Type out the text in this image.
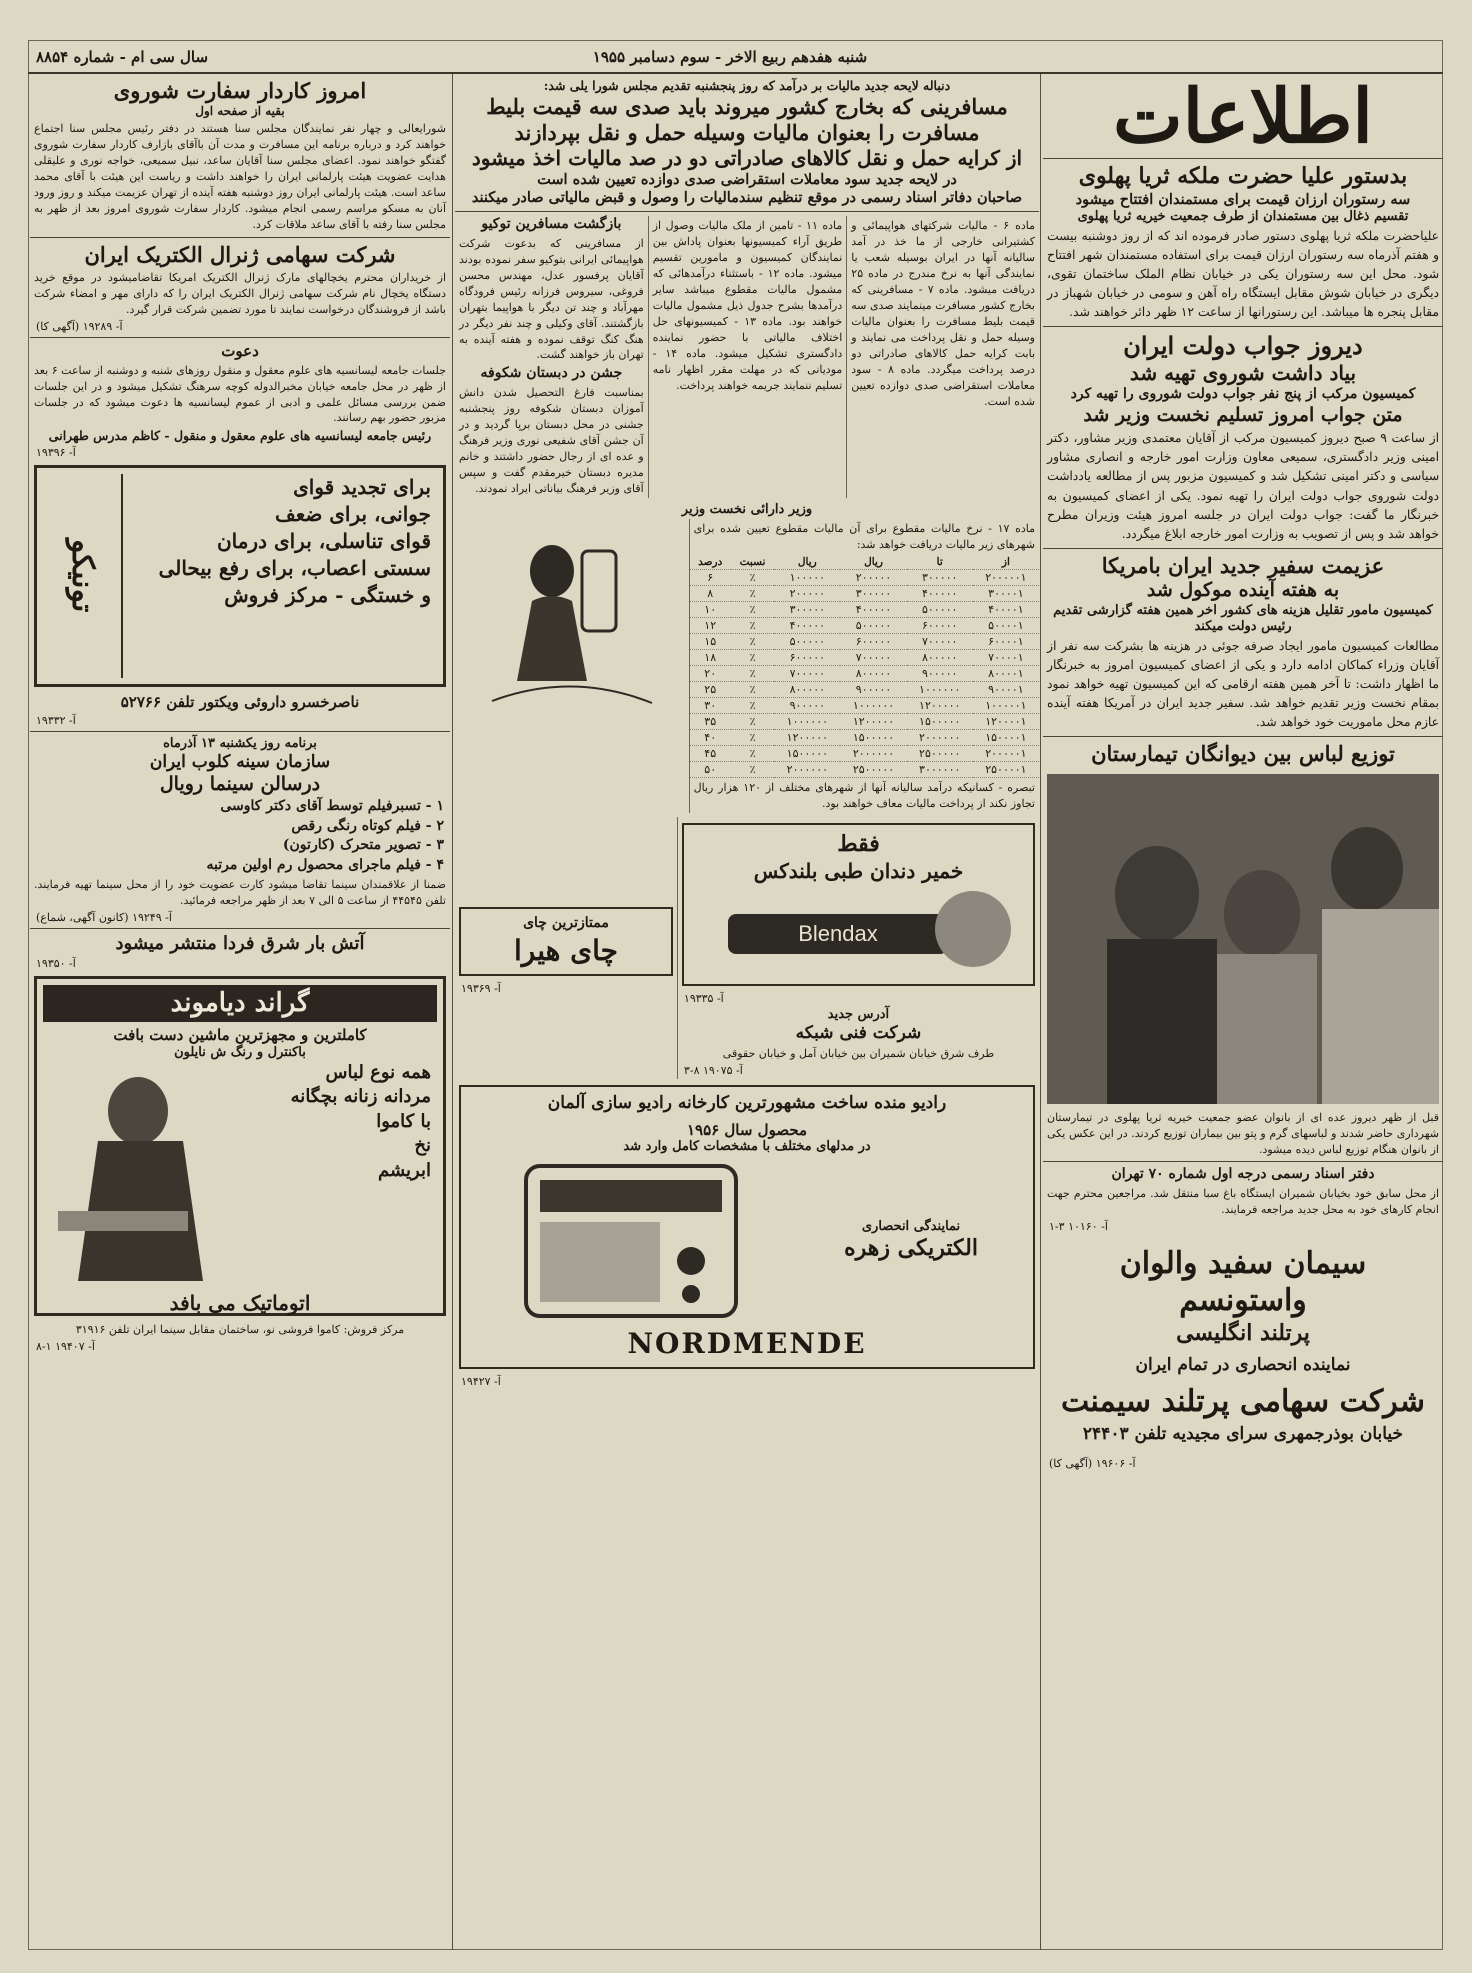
سال سی ام - شماره ۸۸۵۴	شنبه هفدهم ربیع الاخر - سوم دسامبر ۱۹۵۵
اطلاعات
بدستور علیا حضرت ملکه ثریا پهلوی
سه رستوران ارزان قیمت برای مستمندان افتتاح میشود
تقسیم ذغال بین مستمندان از طرف جمعیت خیریه ثریا پهلوی
علیاحضرت ملکه ثریا پهلوی دستور صادر فرموده اند که از روز دوشنبه بیست و هفتم آذرماه سه رستوران ارزان قیمت برای استفاده مستمندان شهر افتتاح شود. محل این سه رستوران یکی در خیابان نظام الملک ساختمان تقوی، دیگری در خیابان شوش مقابل ایستگاه راه آهن و سومی در خیابان شهباز در مقابل پنجره ها میباشد. این رستورانها از ساعت ۱۲ ظهر دائر خواهند شد.
دیروز جواب دولت ایران
بیاد داشت شوروی تهیه شد
کمیسیون مرکب از پنج نفر جواب دولت شوروی را تهیه کرد
متن جواب امروز تسلیم نخست وزیر شد
از ساعت ۹ صبح دیروز کمیسیون مرکب از آقایان معتمدی وزیر مشاور، دکتر امینی وزیر دادگستری، سمیعی معاون وزارت امور خارجه و انصاری مشاور سیاسی و دکتر امینی تشکیل شد و کمیسیون مزبور پس از مطالعه یادداشت دولت شوروی جواب دولت ایران را تهیه نمود. یکی از اعضای کمیسیون به خبرنگار ما گفت: جواب دولت ایران در جلسه امروز هیئت وزیران مطرح خواهد شد و پس از تصویب به وزارت امور خارجه ابلاغ میگردد.
عزیمت سفیر جدید ایران بامریکا
به هفته آینده موکول شد
کمیسیون مامور تقلیل هزینه های کشور اخر همین هفته گزارشی تقدیم رئیس دولت میکند
مطالعات کمیسیون مامور ایجاد صرفه جوئی در هزینه ها بشرکت سه نفر از آقایان وزراء کماکان ادامه دارد و یکی از اعضای کمیسیون امروز به خبرنگار ما اظهار داشت: تا آخر همین هفته ارقامی که این کمیسیون تهیه خواهد نمود بمقام نخست وزیر تقدیم خواهد شد. سفیر جدید ایران در آمریکا هفته آینده عازم محل ماموریت خود خواهد شد.
توزیع لباس بین دیوانگان تیمارستان
قبل از ظهر دیروز عده ای از بانوان عضو جمعیت خیریه ثریا پهلوی در تیمارستان شهرداری حاضر شدند و لباسهای گرم و پتو بین بیماران توزیع کردند. در این عکس یکی از بانوان هنگام توزیع لباس دیده میشود.
دفتر اسناد رسمی درجه اول شماره ۷۰ تهران
از محل سابق خود بخیابان شمیران ایستگاه باغ سبا منتقل شد. مراجعین محترم جهت انجام کارهای خود به محل جدید مراجعه فرمایند.
آ- ۱۰۱۶۰ ۳-۱
سیمان سفید والوان واستونسم
پرتلند انگلیسی
نماینده انحصاری در تمام ایران
شرکت سهامی پرتلند سیمنت
خیابان بوذرجمهری سرای مجیدیه تلفن ۲۴۴۰۳
آ- ۱۹۶۰۶ (آگهی کا)
دنباله لایحه جدید مالیات بر درآمد که روز پنجشنبه تقدیم مجلس شورا یلی شد:
مسافرینی که بخارج کشور میروند باید صدی سه قیمت بلیط
مسافرت را بعنوان مالیات وسیله حمل و نقل بپردازند
از کرایه حمل و نقل کالاهای صادراتی دو در صد مالیات اخذ میشود
در لایحه جدید سود معاملات استقراضی صدی دوازده تعیین شده است
صاحبان دفاتر اسناد رسمی در موقع تنظیم سندمالیات را وصول و قبض مالیاتی صادر میکنند
ماده ۶ - مالیات شرکتهای هواپیمائی و کشتیرانی خارجی از ما خذ در آمد سالیانه آنها در ایران بوسیله شعب یا نمایندگی آنها به نرخ مندرج در ماده ۲۵ دریافت میشود. ماده ۷ - مسافرینی که بخارج کشور مسافرت مینمایند صدی سه قیمت بلیط مسافرت را بعنوان مالیات وسیله حمل و نقل پرداخت می نمایند و بابت کرایه حمل کالاهای صادراتی دو درصد پرداخت میگردد. ماده ۸ - سود معاملات استقراضی صدی دوازده تعیین شده است.
ماده ۱۱ - تامین از ملک مالیات وصول از طریق آراء کمیسیونها بعنوان پاداش بین نمایندگان کمیسیون و مامورین تقسیم میشود. ماده ۱۲ - باستثناء درآمدهائی که مشمول مالیات مقطوع میباشد سایر درآمدها بشرح جدول ذیل مشمول مالیات خواهند بود. ماده ۱۳ - کمیسیونهای حل اختلاف مالیاتی با حضور نماینده دادگستری تشکیل میشود. ماده ۱۴ - مودیانی که در مهلت مقرر اظهار نامه تسلیم ننمایند جریمه خواهند پرداخت.
بازگشت مسافرین توکیو
از مسافرینی که بدعوت شرکت هواپیمائی ایرانی بتوکیو سفر نموده بودند آقایان پرفسور عدل، مهندس محسن فروغی، سیروس فرزانه رئیس فرودگاه مهرآباد و چند تن دیگر با هواپیما بتهران بازگشتند. آقای وکیلی و چند نفر دیگر در هنگ کنگ توقف نموده و هفته آینده به تهران باز خواهند گشت.
جشن در دبستان شکوفه
بمناسبت فارغ التحصیل شدن دانش آموزان دبستان شکوفه روز پنجشنبه جشنی در محل دبستان برپا گردید و در آن جشن آقای شفیعی نوری وزیر فرهنگ و عده ای از رجال حضور داشتند و خانم مدیره دبستان خیرمقدم گفت و سپس آقای وزیر فرهنگ بیاناتی ایراد نمودند.
وزیر دارائی نخست وزیر
ماده ۱۷ - نرخ مالیات مقطوع برای آن مالیات مقطوع تعیین شده برای شهرهای زیر مالیات دریافت خواهد شد:
از	تا	ریال	ریال	نسبت	درصد
۲۰۰۰۰۰۱	۳۰۰۰۰۰	۲۰۰۰۰۰	۱۰۰۰۰۰	٪	۶
۳۰۰۰۰۱	۴۰۰۰۰۰	۳۰۰۰۰۰	۲۰۰۰۰۰	٪	۸
۴۰۰۰۰۱	۵۰۰۰۰۰	۴۰۰۰۰۰	۳۰۰۰۰۰	٪	۱۰
۵۰۰۰۰۱	۶۰۰۰۰۰	۵۰۰۰۰۰	۴۰۰۰۰۰	٪	۱۲
۶۰۰۰۰۱	۷۰۰۰۰۰	۶۰۰۰۰۰	۵۰۰۰۰۰	٪	۱۵
۷۰۰۰۰۱	۸۰۰۰۰۰	۷۰۰۰۰۰	۶۰۰۰۰۰	٪	۱۸
۸۰۰۰۰۱	۹۰۰۰۰۰	۸۰۰۰۰۰	۷۰۰۰۰۰	٪	۲۰
۹۰۰۰۰۱	۱۰۰۰۰۰۰	۹۰۰۰۰۰	۸۰۰۰۰۰	٪	۲۵
۱۰۰۰۰۰۱	۱۲۰۰۰۰۰	۱۰۰۰۰۰۰	۹۰۰۰۰۰	٪	۳۰
۱۲۰۰۰۰۱	۱۵۰۰۰۰۰	۱۲۰۰۰۰۰	۱۰۰۰۰۰۰	٪	۳۵
۱۵۰۰۰۰۱	۲۰۰۰۰۰۰	۱۵۰۰۰۰۰	۱۲۰۰۰۰۰	٪	۴۰
۲۰۰۰۰۰۱	۲۵۰۰۰۰۰	۲۰۰۰۰۰۰	۱۵۰۰۰۰۰	٪	۴۵
۲۵۰۰۰۰۱	۳۰۰۰۰۰۰	۲۵۰۰۰۰۰	۲۰۰۰۰۰۰	٪	۵۰
تبصره - کسانیکه درآمد سالیانه آنها از شهرهای مختلف از ۱۲۰ هزار ریال تجاوز نکند از پرداخت مالیات معاف خواهند بود.
فقط
خمیر دندان طبی بلندکس
Blendax
آ- ۱۹۳۳۵
آدرس جدید
شرکت فنی شبکه
طرف شرق خیابان شمیران بین خیابان آمل و خیابان حقوقی
آ- ۱۹۰۷۵ ۸-۳
ممتازترین چای
چای هیرا
آ- ۱۹۳۶۹
رادیو منده ساخت مشهورترین کارخانه رادیو سازی آلمان
محصول سال ۱۹۵۶
در مدلهای مختلف با مشخصات کامل وارد شد
نمایندگی انحصاری
الکتریکی زهره
NORDMENDE
آ- ۱۹۴۲۷
امروز کاردار سفارت شوروی
بقیه از صفحه اول
شورایعالی و چهار نفر نمایندگان مجلس سنا هستند در دفتر رئیس مجلس سنا اجتماع خواهند کرد و درباره برنامه این مسافرت و مدت آن باآقای بازارف کاردار سفارت شوروی گفتگو خواهند نمود. اعضای مجلس سنا آقایان ساعد، نبیل سمیعی، خواجه نوری و علیقلی هدایت عضویت هیئت پارلمانی ایران را خواهند داشت و ریاست این هیئت با آقای محمد ساعد است. هیئت پارلمانی ایران روز دوشنبه هفته آینده از تهران عزیمت میکند و روز ورود آنان به مسکو مراسم رسمی انجام میشود. کاردار سفارت شوروی امروز بعد از ظهر به مجلس سنا رفته با آقای ساعد ملاقات کرد.
شرکت سهامی ژنرال الکتریک ایران
از خریداران محترم یخچالهای مارک ژنرال الکتریک امریکا تقاضامیشود در موقع خرید دستگاه یخچال نام شرکت سهامی ژنرال الکتریک ایران را که دارای مهر و امضاء شرکت باشد از فروشندگان درخواست نمایند تا مورد تضمین شرکت قرار گیرد.
آ- ۱۹۲۸۹ (آگهی کا)
دعوت
جلسات جامعه لیسانسیه های علوم معقول و منقول روزهای شنبه و دوشنبه از ساعت ۶ بعد از ظهر در محل جامعه خیابان مخبرالدوله کوچه سرهنگ تشکیل میشود و در این جلسات ضمن بررسی مسائل علمی و ادبی از عموم لیسانسیه ها دعوت میشود که در جلسات مزبور حضور بهم رسانند.
رئیس جامعه لیسانسیه های علوم معقول و منقول - کاظم مدرس طهرانی
آ- ۱۹۳۹۶
برای تجدید قوای
جوانی، برای ضعف
قوای تناسلی، برای درمان
سستی اعصاب، برای رفع بیحالی
و خستگی - مرکز فروش
تونیکو
ناصرخسرو داروئی ویکتور تلفن ۵۲۷۶۶
آ- ۱۹۳۳۲
برنامه روز یکشنبه ۱۳ آذرماه
سازمان سینه کلوب ایران
درسالن سینما رویال
۱ - تسبرفیلم توسط آقای دکتر کاوسی
۲ - فیلم کوتاه رنگی رقص
۳ - تصویر متحرک (کارتون)
۴ - فیلم ماجرای محصول رم اولین مرتبه
ضمنا از علاقمندان سینما تقاضا میشود کارت عضویت خود را از محل سینما تهیه فرمایند. تلفن ۴۴۵۴۵ از ساعت ۵ الی ۷ بعد از ظهر مراجعه فرمائید.
آ- ۱۹۲۴۹ (کانون آگهی، شماع)
آتش بار شرق فردا منتشر میشود
آ- ۱۹۳۵۰
گراند دیاموند
کاملترین و مجهزترین ماشین دست بافت
باکنترل و رنگ ش نایلون
همه نوع لباس
مردانه زنانه بچگانه
با کاموا
نخ
ابریشم
اتوماتیک می بافد
مرکز فروش: کاموا فروشی نو، ساختمان مقابل سینما ایران تلفن ۳۱۹۱۶
آ- ۱۹۴۰۷ ۱-۸
